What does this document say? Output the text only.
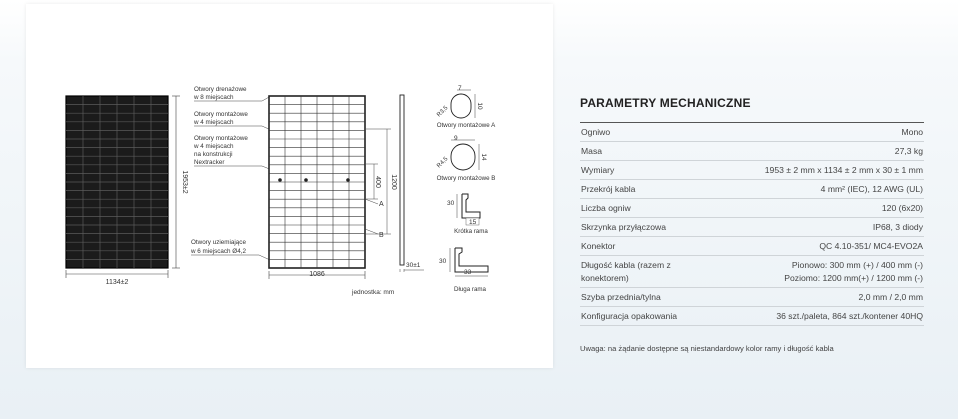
1134±2
1953±2
Otwory drenażowe
w 8 miejscach
Otwory montażowe
w 4 miejscach
Otwory montażowe
w 4 miejscach
na konstrukcji
Nextracker
Otwory uziemiające
w 6 miejscach Ø4,2
1086
400 1200
A
B
jednostka: mm
30±1
7
10
R3,5
Otwory montażowe A
9
14
R4,5
Otwory montażowe B
30
15
Krótka rama
30
33
Długa rama
PARAMETRY MECHANICZNE
Ogniwo	Mono
Masa	27,3 kg
Wymiary	1953 ± 2 mm x 1134 ± 2 mm x 30 ± 1 mm
Przekrój kabla	4 mm² (IEC), 12 AWG (UL)
Liczba ogniw	120 (6x20)
Skrzynka przyłączowa	IP68, 3 diody
Konektor	QC 4.10-351/ MC4-EVO2A
Długość kabla (razem z konektorem)	Pionowo: 300 mm (+) / 400 mm (-)
Poziomo: 1200 mm(+) / 1200 mm (-)

Szyba przednia/tylna	2,0 mm / 2,0 mm
Konfiguracja opakowania	36 szt./paleta, 864 szt./kontener 40HQ
Uwaga: na żądanie dostępne są niestandardowy kolor ramy i długość kabla
